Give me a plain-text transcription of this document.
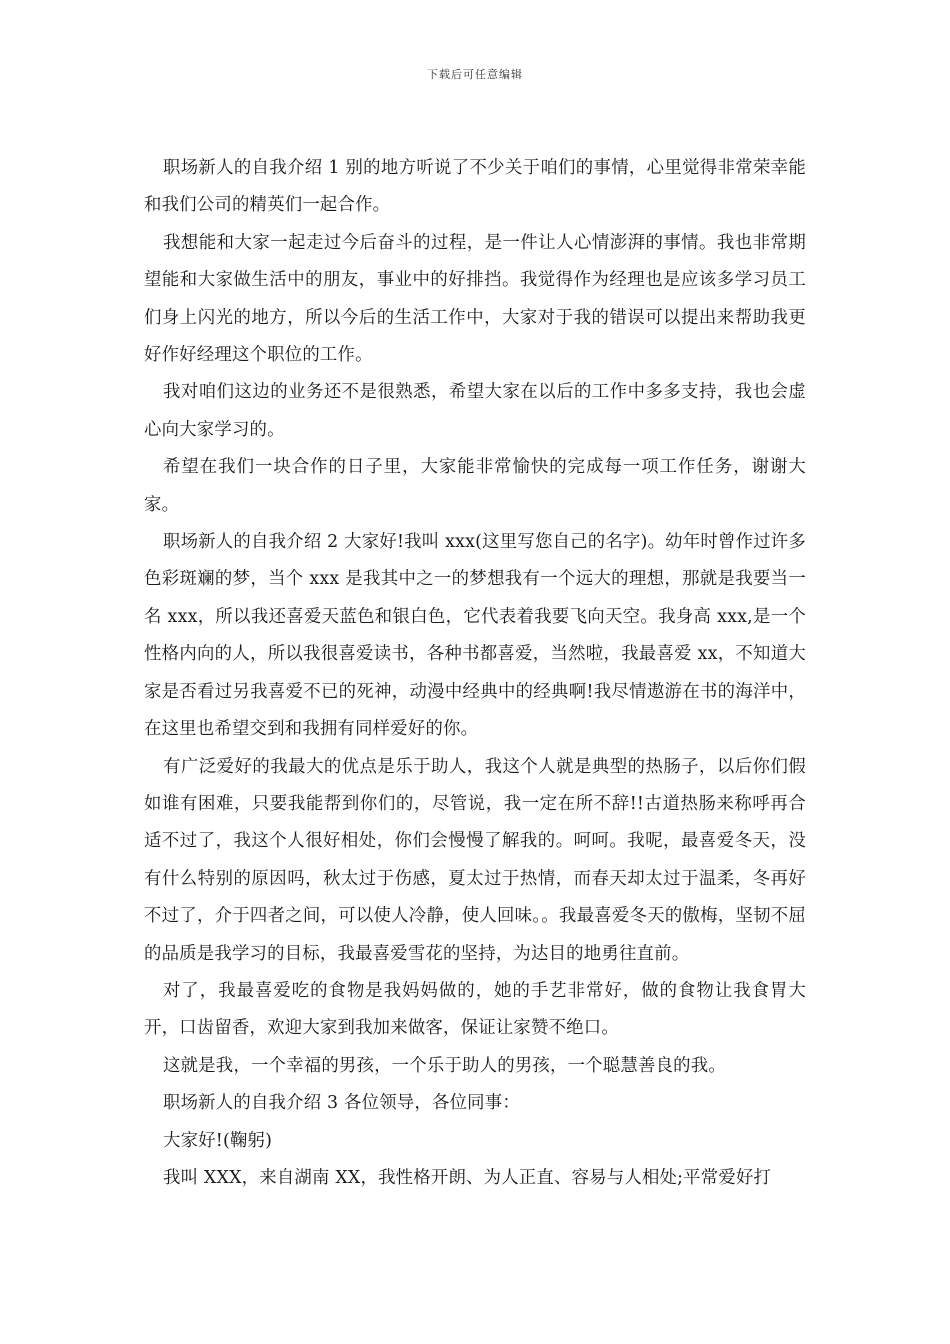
下载后可任意编辑

职场新人的自我介绍 1 别的地方听说了不少关于咱们的事情，心里觉得非常荣幸能和我们公司的精英们一起合作。

我想能和大家一起走过今后奋斗的过程，是一件让人心情澎湃的事情。我也非常期望能和大家做生活中的朋友，事业中的好排挡。我觉得作为经理也是应该多学习员工们身上闪光的地方，所以今后的生活工作中，大家对于我的错误可以提出来帮助我更好作好经理这个职位的工作。

我对咱们这边的业务还不是很熟悉，希望大家在以后的工作中多多支持，我也会虚心向大家学习的。

希望在我们一块合作的日子里，大家能非常愉快的完成每一项工作任务，谢谢大家。

职场新人的自我介绍 2 大家好!我叫 xxx(这里写您自己的名字)。幼年时曾作过许多色彩斑斓的梦，当个 xxx 是我其中之一的梦想我有一个远大的理想，那就是我要当一名 xxx，所以我还喜爱天蓝色和银白色，它代表着我要飞向天空。我身高 xxx,是一个性格内向的人，所以我很喜爱读书，各种书都喜爱，当然啦，我最喜爱 xx，不知道大家是否看过另我喜爱不已的死神，动漫中经典中的经典啊!我尽情遨游在书的海洋中，在这里也希望交到和我拥有同样爱好的你。

有广泛爱好的我最大的优点是乐于助人，我这个人就是典型的热肠子，以后你们假如谁有困难，只要我能帮到你们的，尽管说，我一定在所不辞!!古道热肠来称呼再合适不过了，我这个人很好相处，你们会慢慢了解我的。呵呵。我呢，最喜爱冬天，没有什么特别的原因吗，秋太过于伤感，夏太过于热情，而春天却太过于温柔，冬再好不过了，介于四者之间，可以使人冷静，使人回味。。我最喜爱冬天的傲梅，坚韧不屈的品质是我学习的目标，我最喜爱雪花的坚持，为达目的地勇往直前。

对了，我最喜爱吃的食物是我妈妈做的，她的手艺非常好，做的食物让我食胃大开，口齿留香，欢迎大家到我加来做客，保证让家赞不绝口。

这就是我，一个幸福的男孩，一个乐于助人的男孩，一个聪慧善良的我。

职场新人的自我介绍 3 各位领导，各位同事：

大家好!(鞠躬)

我叫 XXX，来自湖南 XX，我性格开朗、为人正直、容易与人相处;平常爱好打
